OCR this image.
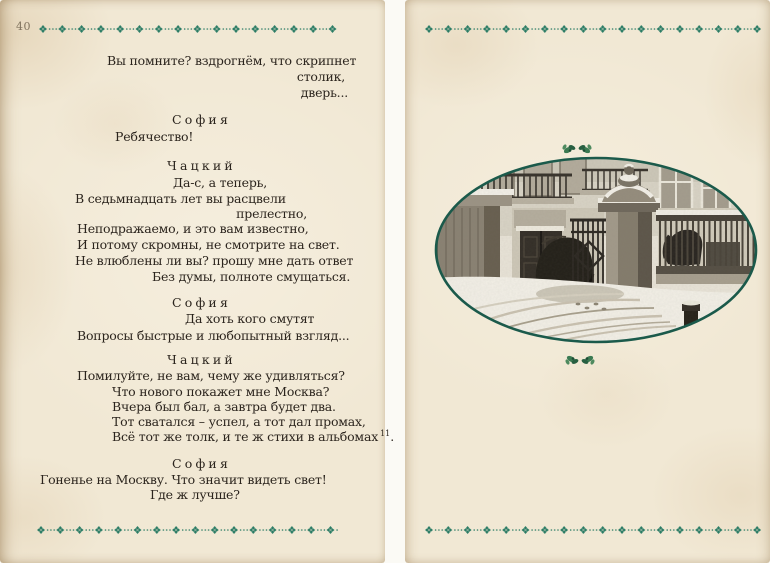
40
Вы помните? вздрогнём, что скрипнет
столик,
дверь...
София
Ребячество!
Чацкий
Да-с, а теперь,
В седьмнадцать лет вы расцвели
прелестно,
Неподражаемо, и это вам известно,
И потому скромны, не смотрите на свет.
Не влюблены ли вы? прошу мне дать ответ
Без думы, полноте смущаться.
София
Да хоть кого смутят
Вопросы быстрые и любопытный взгляд...
Чацкий
Помилуйте, не вам, чему же удивляться?
Что нового покажет мне Москва?
Вчера был бал, а завтра будет два.
Тот сватался – успел, а тот дал промах,
Всё тот же толк, и те ж стихи в альбомах $^{11}$.
София
Гоненье на Москву. Что значит видеть свет!
Где ж лучше?
